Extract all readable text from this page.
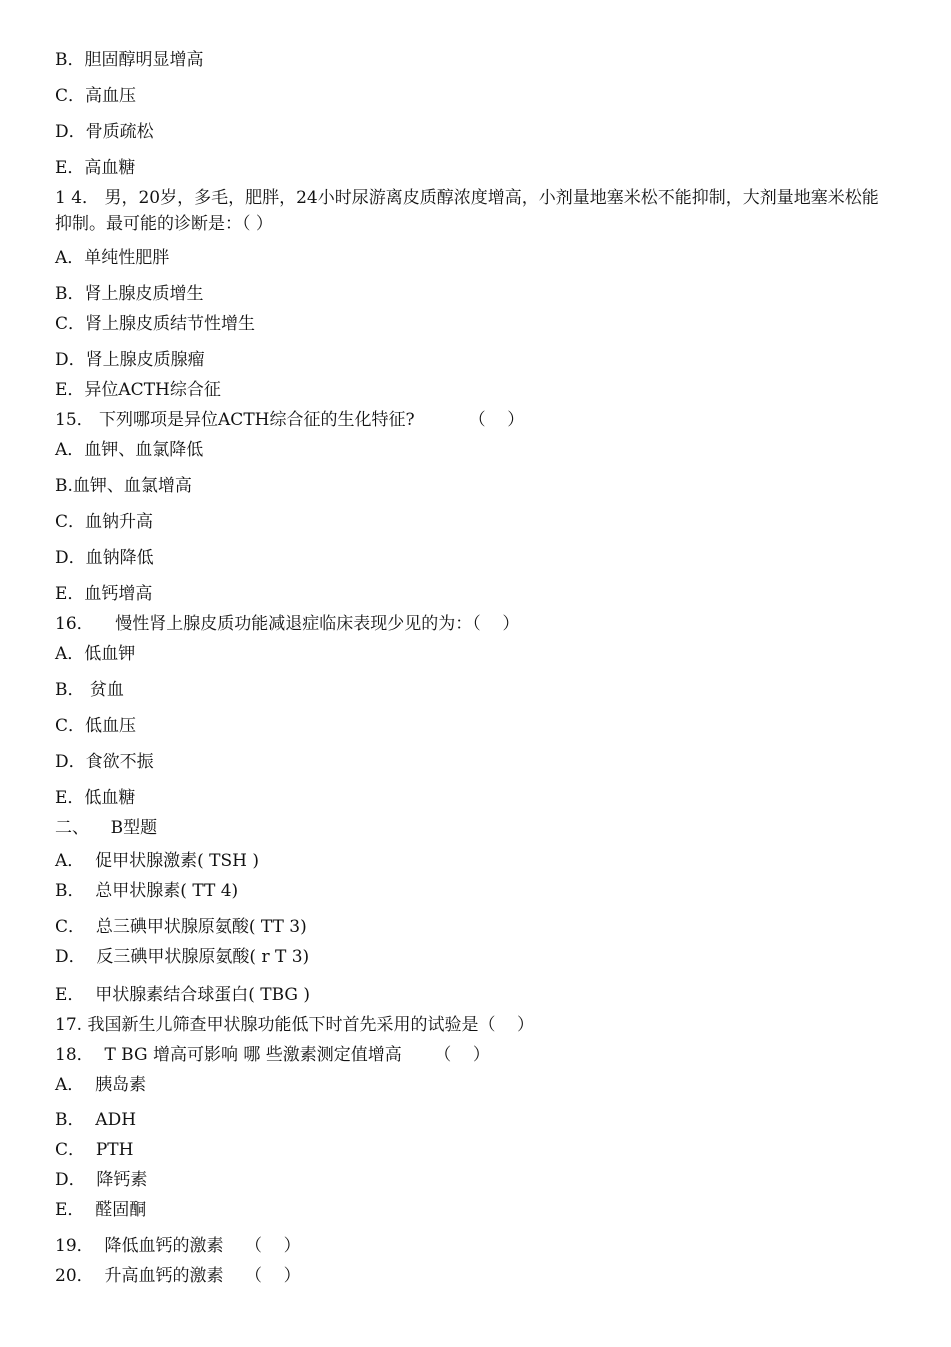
B．胆固醇明显增高
C．高血压
D．骨质疏松
E．高血糖
1 4． 男，20岁，多毛，肥胖，24小时尿游离皮质醇浓度增高，小剂量地塞米松不能抑制，大剂量地塞米松能抑制。最可能的诊断是：（ ）
A．单纯性肥胖
B．肾上腺皮质增生
C．肾上腺皮质结节性增生
D．肾上腺皮质腺瘤
E．异位ACTH综合征
15． 下列哪项是异位ACTH综合征的生化特征?          （    ）
A．血钾、血氯降低
B.血钾、血氯增高
C．血钠升高
D．血钠降低
E．血钙增高
16．    慢性肾上腺皮质功能减退症临床表现少见的为：（    ）
A．低血钾
B． 贫血
C．低血压
D．食欲不振
E．低血糖
二、    B型题
A．  促甲状腺激素( TSH )
B．  总甲状腺素( TT 4)
C．  总三碘甲状腺原氨酸( TT 3)
D．  反三碘甲状腺原氨酸( r T 3)
E．  甲状腺素结合球蛋白( TBG )
17. 我国新生儿筛查甲状腺功能低下时首先采用的试验是（    ）
18．  T BG 增高可影响 哪 些激素测定值增高      （    ）
A．  胰岛素
B．  ADH
C．  PTH
D．  降钙素
E．  醛固酮
19．  降低血钙的激素    （    ）
20．  升高血钙的激素    （    ）
